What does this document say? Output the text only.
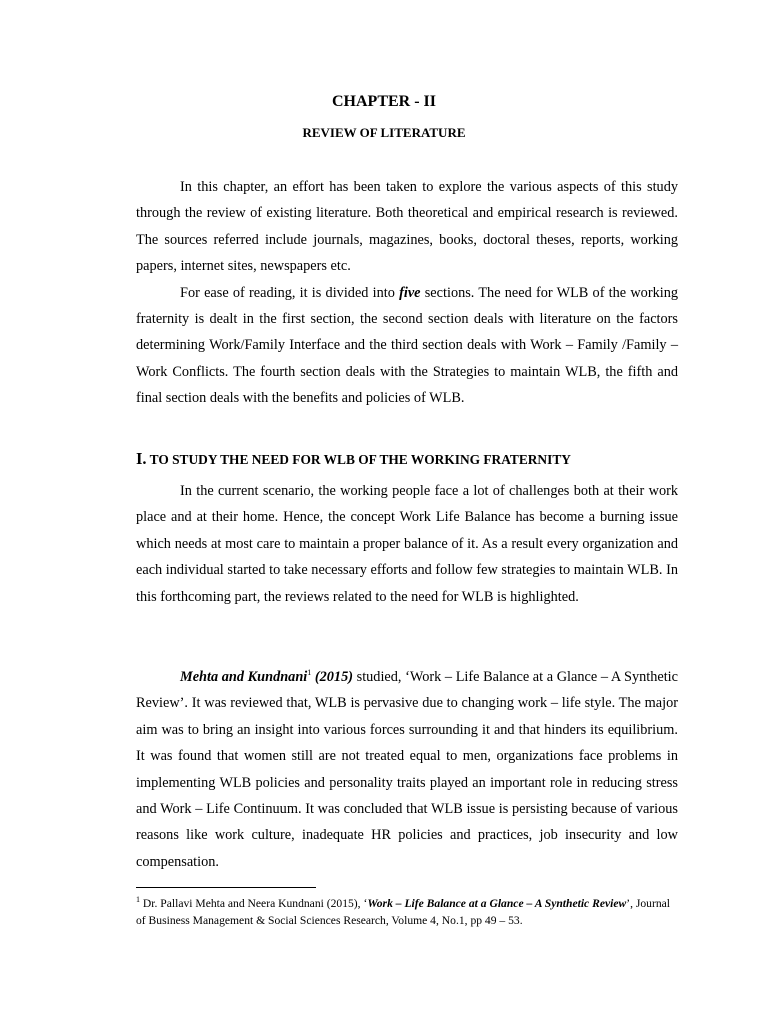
CHAPTER - II
REVIEW OF LITERATURE

In this chapter, an effort has been taken to explore the various aspects of this study through the review of existing literature. Both theoretical and empirical research is reviewed. The sources referred include journals, magazines, books, doctoral theses, reports, working papers, internet sites, newspapers etc.

For ease of reading, it is divided into five sections. The need for WLB of the working fraternity is dealt in the first section, the second section deals with literature on the factors determining Work/Family Interface and the third section deals with Work – Family /Family – Work Conflicts. The fourth section deals with the Strategies to maintain WLB, the fifth and final section deals with the benefits and policies of WLB.

I. TO STUDY THE NEED FOR WLB OF THE WORKING FRATERNITY

In the current scenario, the working people face a lot of challenges both at their work place and at their home. Hence, the concept Work Life Balance has become a burning issue which needs at most care to maintain a proper balance of it. As a result every organization and each individual started to take necessary efforts and follow few strategies to maintain WLB. In this forthcoming part, the reviews related to the need for WLB is highlighted.

Mehta and Kundnani$^1$ (2015) studied, ‘Work – Life Balance at a Glance – A Synthetic Review’. It was reviewed that, WLB is pervasive due to changing work – life style. The major aim was to bring an insight into various forces surrounding it and that hinders its equilibrium. It was found that women still are not treated equal to men, organizations face problems in implementing WLB policies and personality traits played an important role in reducing stress and Work – Life Continuum. It was concluded that WLB issue is persisting because of various reasons like work culture, inadequate HR policies and practices, job insecurity and low compensation.

$^1$ Dr. Pallavi Mehta and Neera Kundnani (2015), ‘Work – Life Balance at a Glance – A Synthetic Review’, Journal of Business Management & Social Sciences Research, Volume 4, No.1, pp 49 – 53.
